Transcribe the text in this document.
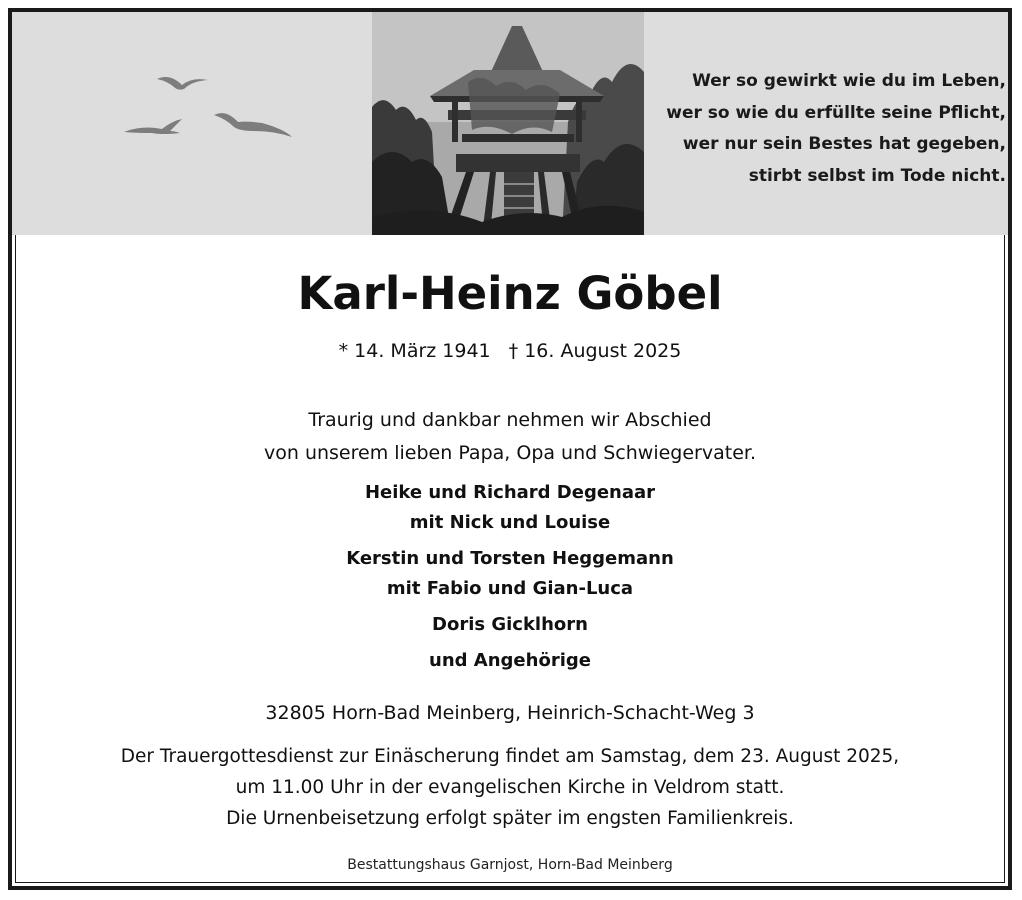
Wer so gewirkt wie du im Leben,
wer so wie du erfüllte seine Pflicht,
wer nur sein Bestes hat gegeben,
stirbt selbst im Tode nicht.
Karl-Heinz Göbel
* 14. März 1941 † 16. August 2025
Traurig und dankbar nehmen wir Abschied
von unserem lieben Papa, Opa und Schwiegervater.
Heike und Richard Degenaar
mit Nick und Louise
Kerstin und Torsten Heggemann
mit Fabio und Gian-Luca
Doris Gicklhorn
und Angehörige
32805 Horn-Bad Meinberg, Heinrich-Schacht-Weg 3
Der Trauergottesdienst zur Einäscherung findet am Samstag, dem 23. August 2025,
um 11.00 Uhr in der evangelischen Kirche in Veldrom statt.
Die Urnenbeisetzung erfolgt später im engsten Familienkreis.
Bestattungshaus Garnjost, Horn-Bad Meinberg
